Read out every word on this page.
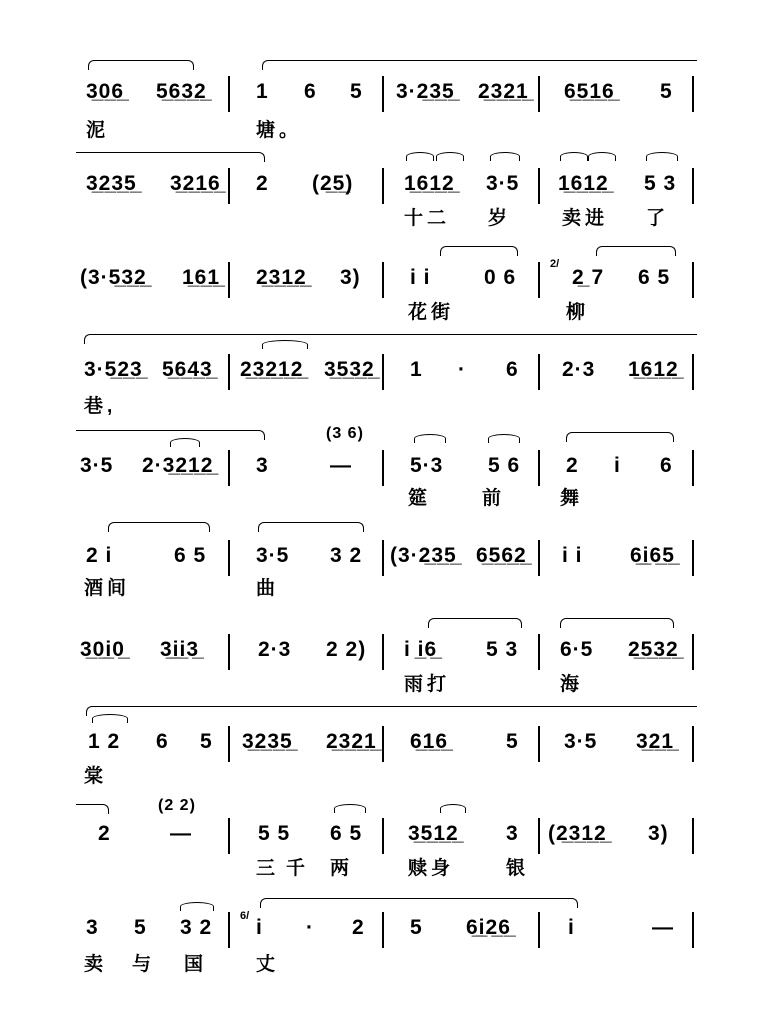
3̲0̲6̲ 5̲6̲3̲2̲ 1 6 5 3·2̲3̲5̲ 2̲3̲2̲1̲ 6̲5̲1̲6̲ 5
泥	塘。
3̲2̲3̲5̲ 3̲2̲1̲6̲ 2 (2̲5̲) 1̲6̲1̲2̲ 3·5 1̲6̲1̲2̲ 5 3
十二 岁	卖进 了
(3·5̲3̲2̲ 1̲6̲1̲ 2̲3̲1̲2̲ 3) i i	0 6
2/
2̲ 7 6 5
花街	柳
3·5̲2̲3̲ 5̲6̲4̲3̲ 2̲3̲2̲1̲2̲ 3̲5̲3̲2̲ 1 · 6 2·3 1̲6̲1̲2̲
巷,
3·5 2·3̲2̲1̲2̲ 3	—
(3 6)
5·3 5 6 2 i 6
筵	前	舞
2 i	6 5 3·5 3 2 (3·2̲3̲5̲ 6̲5̲6̲2̲ i i 6̲i̲6̲5̲
酒间	曲
3̲0̲i̲0̲ 3̲i̲i̲3̲	2·3 2 2) i i̲6̲ 5 3 6·5 2̲5̲3̲2̲
雨打	海
1 2 6 5 3̲2̲3̲5̲ 2̲3̲2̲1̲ 6̲1̲6̲	5 3·5 3̲2̲1̲
棠
2	—
(2 2)
5 5 6 5 3̲5̲1̲2̲ 3 (2̲3̲1̲2̲ 3)
三 千 两	赎身	银
3 5 3 2	6/ i · 2 5 6̲i̲2̲6̲	i	—
卖 与 国	丈
